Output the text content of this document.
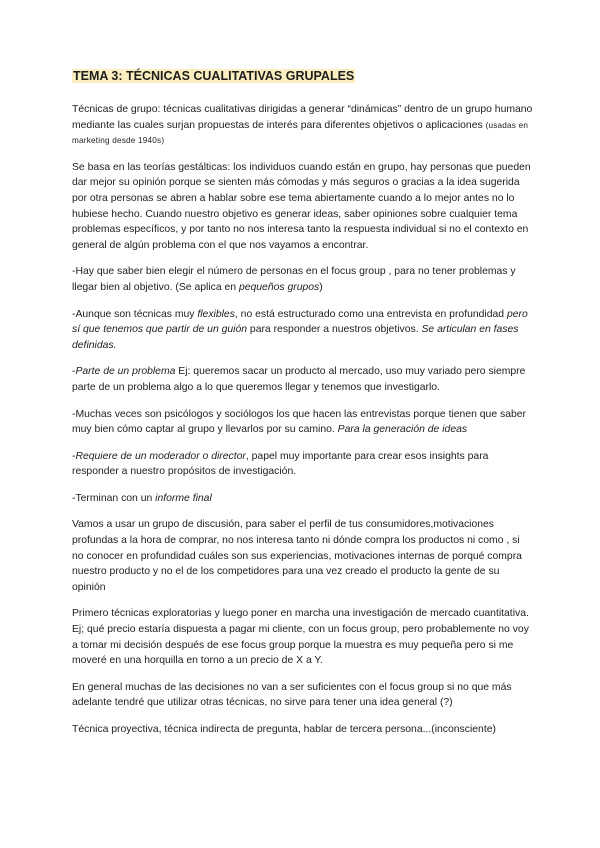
TEMA 3: TÉCNICAS CUALITATIVAS GRUPALES

Técnicas de grupo: técnicas cualitativas dirigidas a generar “dinámicas” dentro de un grupo humano mediante las cuales surjan propuestas de interés para diferentes objetivos o aplicaciones (usadas en marketing desde 1940s)

Se basa en las teorías gestálticas: los individuos cuando están en grupo, hay personas que pueden dar mejor su opinión porque se sienten más cómodas y más seguros o gracias a la idea sugerida por otra personas se abren a hablar sobre ese tema abiertamente cuando a lo mejor antes no lo hubiese hecho. Cuando nuestro objetivo es generar ideas, saber opiniones sobre cualquier tema problemas específicos, y por tanto no nos interesa tanto la respuesta individual si no el contexto en general de algún problema con el que nos vayamos a encontrar.

-Hay que saber bien elegir el número de personas en el focus group , para no tener problemas y llegar bien al objetivo. (Se aplica en pequeños grupos)

-Aunque son técnicas muy flexibles, no está estructurado como una entrevista en profundidad pero sí que tenemos que partir de un guión para responder a nuestros objetivos. Se articulan en fases definidas.

-Parte de un problema Ej: queremos sacar un producto al mercado, uso muy variado pero siempre parte de un problema algo a lo que queremos llegar y tenemos que investigarlo.

-Muchas veces son psicólogos y sociólogos los que hacen las entrevistas porque tienen que saber muy bien cómo captar al grupo y llevarlos por su camino. Para la generación de ideas

-Requiere de un moderador o director, papel muy importante para crear esos insights para responder a nuestro propósitos de investigación.

-Terminan con un informe final

Vamos a usar un grupo de discusión, para saber el perfil de tus consumidores,motivaciones profundas a la hora de comprar, no nos interesa tanto ni dónde compra los productos ni como , si no conocer en profundidad cuáles son sus experiencias, motivaciones internas de porqué compra nuestro producto y no el de los competidores para una vez creado el producto la gente de su opinión

Primero técnicas exploratorias y luego poner en marcha una investigación de mercado cuantitativa. Ej; qué precio estaría dispuesta a pagar mi cliente, con un focus group, pero probablemente no voy a tomar mi decisión después de ese focus group porque la muestra es muy pequeña pero si me moveré en una horquilla en torno a un precio de X a Y.

En general muchas de las decisiones no van a ser suficientes con el focus group si no que más adelante tendré que utilizar otras técnicas, no sirve para tener una idea general (?)

Técnica proyectiva, técnica indirecta de pregunta, hablar de tercera persona...(inconsciente)
